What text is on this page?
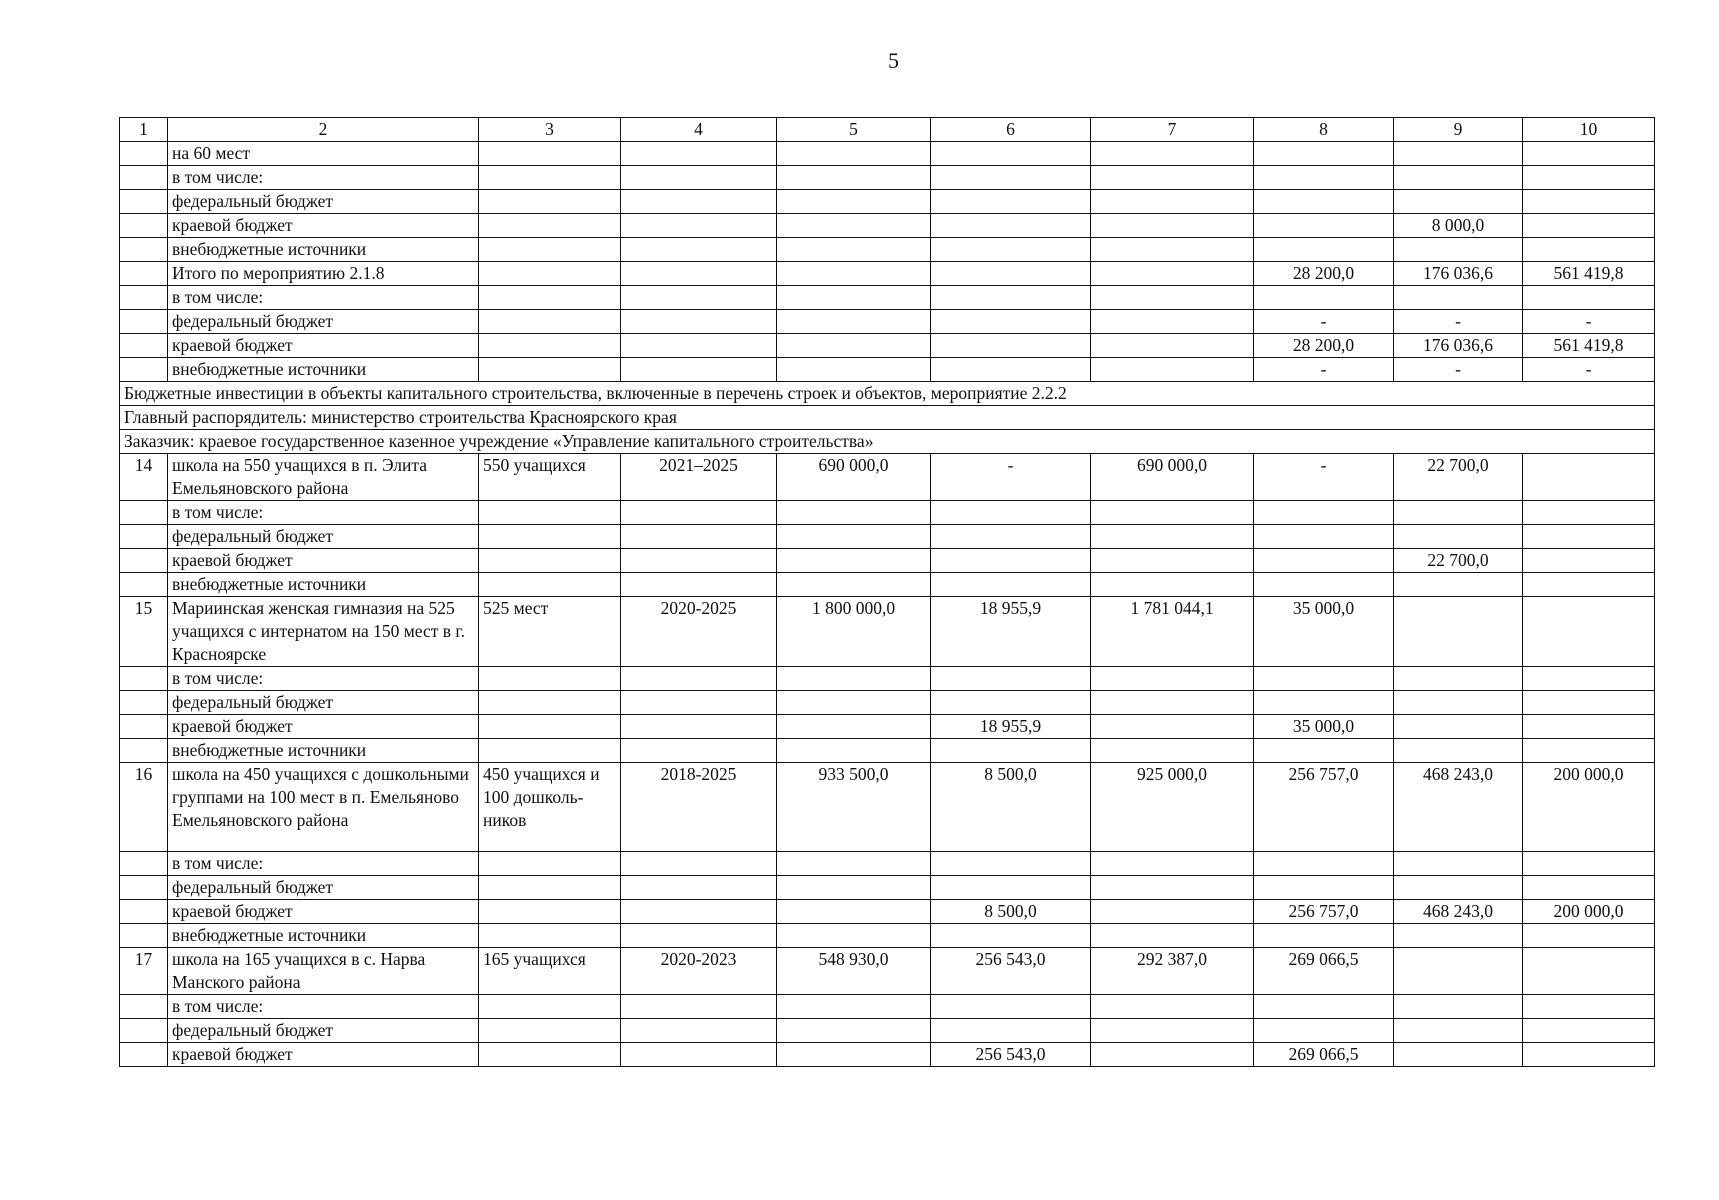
5
1	2	3	4	5	6	7	8	9	10
	на 60 мест								
	в том числе:								
	федеральный бюджет								
	краевой бюджет							8 000,0	
	внебюджетные источники								
	Итого по мероприятию 2.1.8						28 200,0	176 036,6	561 419,8
	в том числе:								
	федеральный бюджет						-	-	-
	краевой бюджет						28 200,0	176 036,6	561 419,8
	внебюджетные источники						-	-	-
Бюджетные инвестиции в объекты капитального строительства, включенные в перечень строек и объектов, мероприятие 2.2.2									
Главный распорядитель: министерство строительства Красноярского края									
Заказчик: краевое государственное казенное учреждение «Управление капитального строительства»									
14	школа на 550 учащихся в п. Элита Емельяновского района	550 учащихся	2021–2025	690 000,0	-	690 000,0	-	22 700,0	
	в том числе:								
	федеральный бюджет								
	краевой бюджет							22 700,0	
	внебюджетные источники								
15	Мариинская женская гимназия на 525 учащихся с интернатом на 150 мест в г. Красноярске	525 мест	2020-2025	1 800 000,0	18 955,9	1 781 044,1	35 000,0		
	в том числе:								
	федеральный бюджет								
	краевой бюджет				18 955,9		35 000,0		
	внебюджетные источники								
16	школа на 450 учащихся с дошкольными группами на 100 мест в п. Емельяново Емельяновского района	450 учащихся и 100 дошколь-ников	2018-2025	933 500,0	8 500,0	925 000,0	256 757,0	468 243,0	200 000,0
	в том числе:								
	федеральный бюджет								
	краевой бюджет				8 500,0		256 757,0	468 243,0	200 000,0
	внебюджетные источники								
17	школа на 165 учащихся в с. Нарва Манского района	165 учащихся	2020-2023	548 930,0	256 543,0	292 387,0	269 066,5		
	в том числе:								
	федеральный бюджет								
	краевой бюджет				256 543,0		269 066,5		
